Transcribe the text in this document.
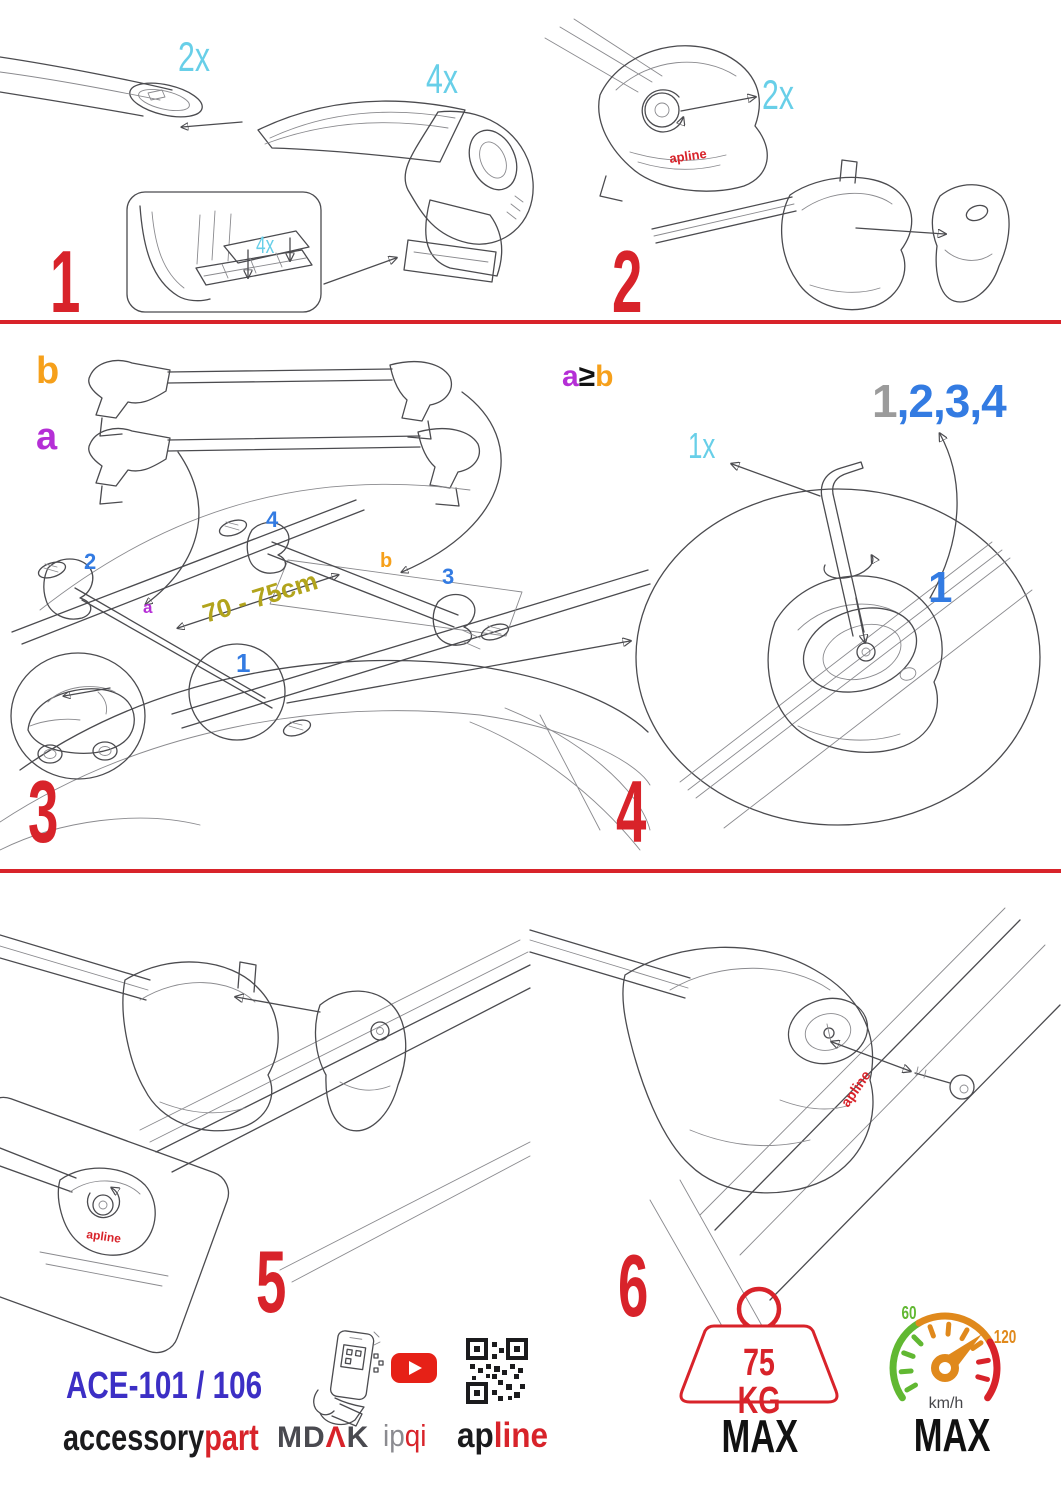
apline
apline
apline
1	2
3	4
5	6
2x	4x
4x
2x
1x
b
a
2
4
b
3
a
1
70 - 75cm
a≥b	1,2,3,4
1
ACE-101 / 106
accessorypart MDΛK ipqi apline
75 KG
MAX
60
120
km/h
MAX
